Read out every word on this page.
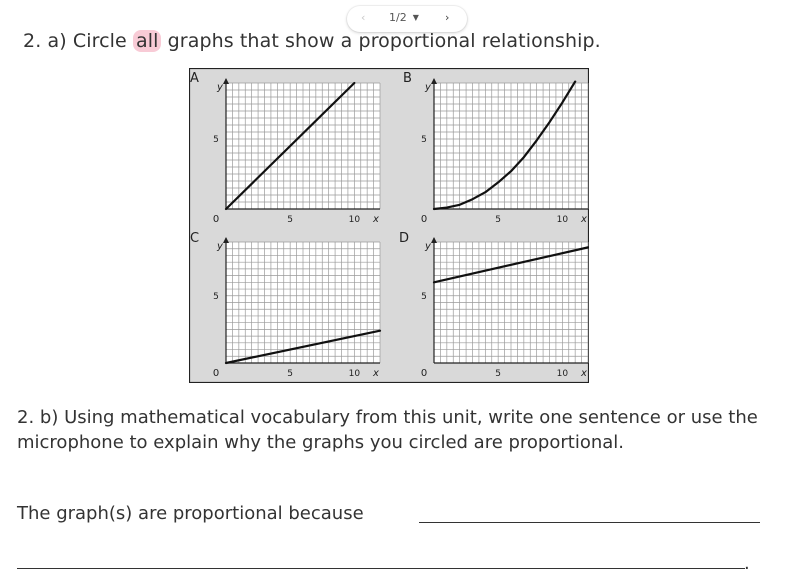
‹ 1/2 ▼ ›
2. a) Circle all graphs that show a proportional relationship.
A
y
x
0	5	10
5
B
y
x
0	5	10
5
C
y
x
0	5	10
5
D
y
x
0	5	10
5
2. b) Using mathematical vocabulary from this unit, write one sentence or use the microphone to explain why the graphs you circled are proportional.
The graph(s) are proportional because
.
